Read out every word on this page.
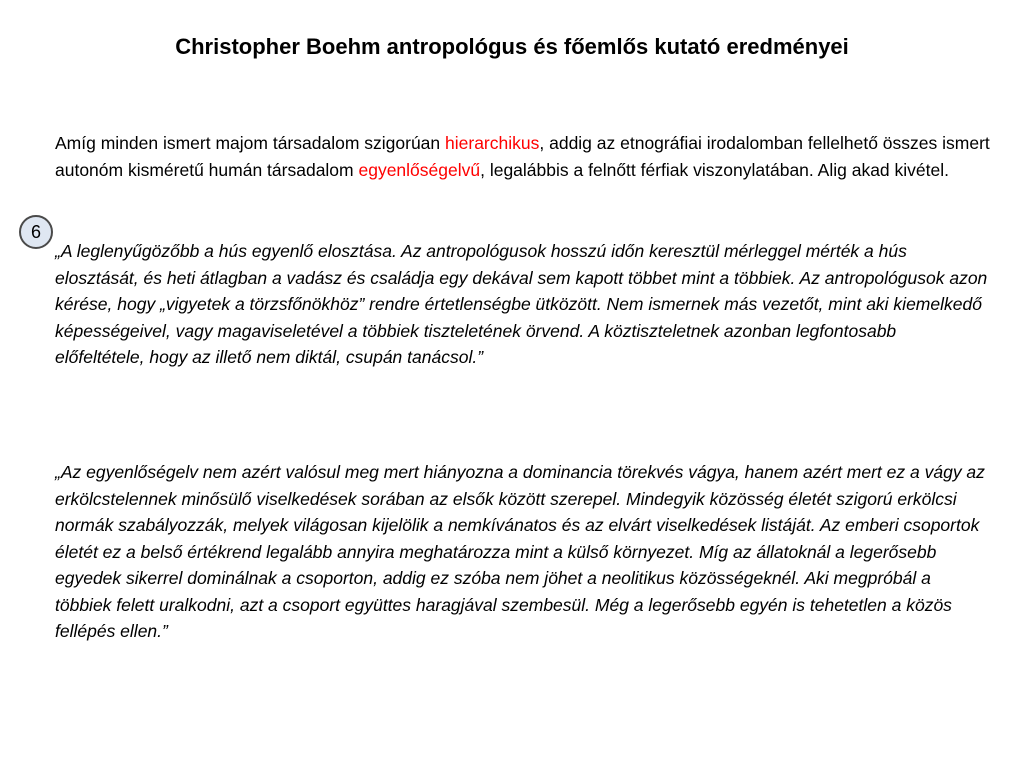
Christopher Boehm antropológus és főemlős kutató eredményei

Amíg minden ismert majom társadalom szigorúan hierarchikus, addig az etnográfiai irodalomban fellelhető összes ismert autonóm kisméretű humán társadalom egyenlőségelvű, legalábbis a felnőtt férfiak viszonylatában. Alig akad kivétel.

6

„A leglenyűgözőbb a hús egyenlő elosztása. Az antropológusok hosszú időn keresztül mérleggel mérték a hús elosztását, és heti átlagban a vadász és családja egy dekával sem kapott többet mint a többiek. Az antropológusok azon kérése, hogy „vigyetek a törzsfőnökhöz” rendre értetlenségbe ütközött. Nem ismernek más vezetőt, mint aki kiemelkedő képességeivel, vagy magaviseletével a többiek tiszteletének örvend. A köztiszteletnek azonban legfontosabb előfeltétele, hogy az illető nem diktál, csupán tanácsol.”

„Az egyenlőségelv nem azért valósul meg mert hiányozna a dominancia törekvés vágya, hanem azért mert ez a vágy az erkölcstelennek minősülő viselkedések sorában az elsők között szerepel. Mindegyik közösség életét szigorú erkölcsi normák szabályozzák, melyek világosan kijelölik a nemkívánatos és az elvárt viselkedések listáját. Az emberi csoportok életét ez a belső értékrend legalább annyira meghatározza mint a külső környezet. Míg az állatoknál a legerősebb egyedek sikerrel dominálnak a csoporton, addig ez szóba nem jöhet a neolitikus közösségeknél. Aki megpróbál a többiek felett uralkodni, azt a csoport együttes haragjával szembesül. Még a legerősebb egyén is tehetetlen a közös fellépés ellen.”
